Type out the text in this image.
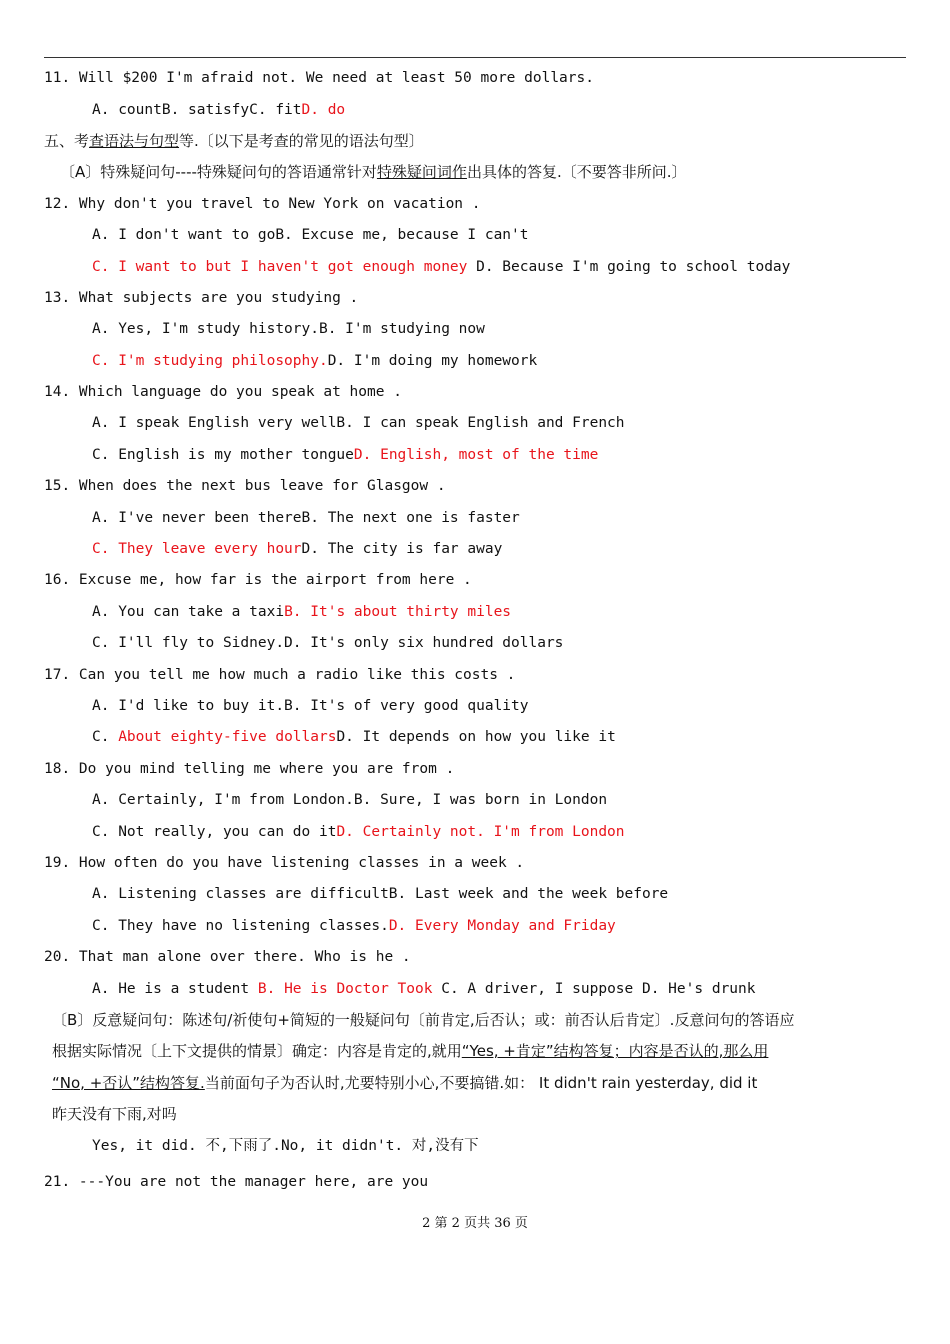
11. Will $200 I'm afraid not. We need at least 50 more dollars.
A. countB. satisfyC. fitD. do
五、考查语法与句型等.〔以下是考查的常见的语法句型〕
〔A〕特殊疑问句----特殊疑问句的答语通常针对特殊疑问词作出具体的答复.〔不要答非所问.〕
12. Why don't you travel to New York on vacation .
A. I don't want to goB. Excuse me, because I can't
C. I want to but I haven't got enough money D. Because I'm going to school today
13. What subjects are you studying .
A. Yes, I'm study history.B. I'm studying now
C. I'm studying philosophy.D. I'm doing my homework
14. Which language do you speak at home .
A. I speak English very wellB. I can speak English and French
C. English is my mother tongueD. English, most of the time
15. When does the next bus leave for Glasgow .
A. I've never been thereB. The next one is faster
C. They leave every hourD. The city is far away
16. Excuse me, how far is the airport from here .
A. You can take a taxiB. It's about thirty miles
C. I'll fly to Sidney.D. It's only six hundred dollars
17. Can you tell me how much a radio like this costs .
A. I'd like to buy it.B. It's of very good quality
C. About eighty-five dollarsD. It depends on how you like it
18. Do you mind telling me where you are from .
A. Certainly, I'm from London.B. Sure, I was born in London
C. Not really, you can do itD. Certainly not. I'm from London
19. How often do you have listening classes in a week .
A. Listening classes are difficultB. Last week and the week before
C. They have no listening classes.D. Every Monday and Friday
20. That man alone over there. Who is he .
A. He is a student B. He is Doctor Took C. A driver, I suppose D. He's drunk
〔B〕反意疑问句：陈述句/祈使句+简短的一般疑问句〔前肯定,后否认；或：前否认后肯定〕.反意问句的答语应
根据实际情况〔上下文提供的情景〕确定：内容是肯定的,就用“Yes, +肯定”结构答复；内容是否认的,那么用
“No, +否认”结构答复.当前面句子为否认时,尤要特别小心,不要搞错.如： It didn't rain yesterday, did it
昨天没有下雨,对吗
Yes, it did. 不,下雨了.No, it didn't. 对,没有下
21. ---You are not the manager here, are you
2 第 2 页共 36 页
